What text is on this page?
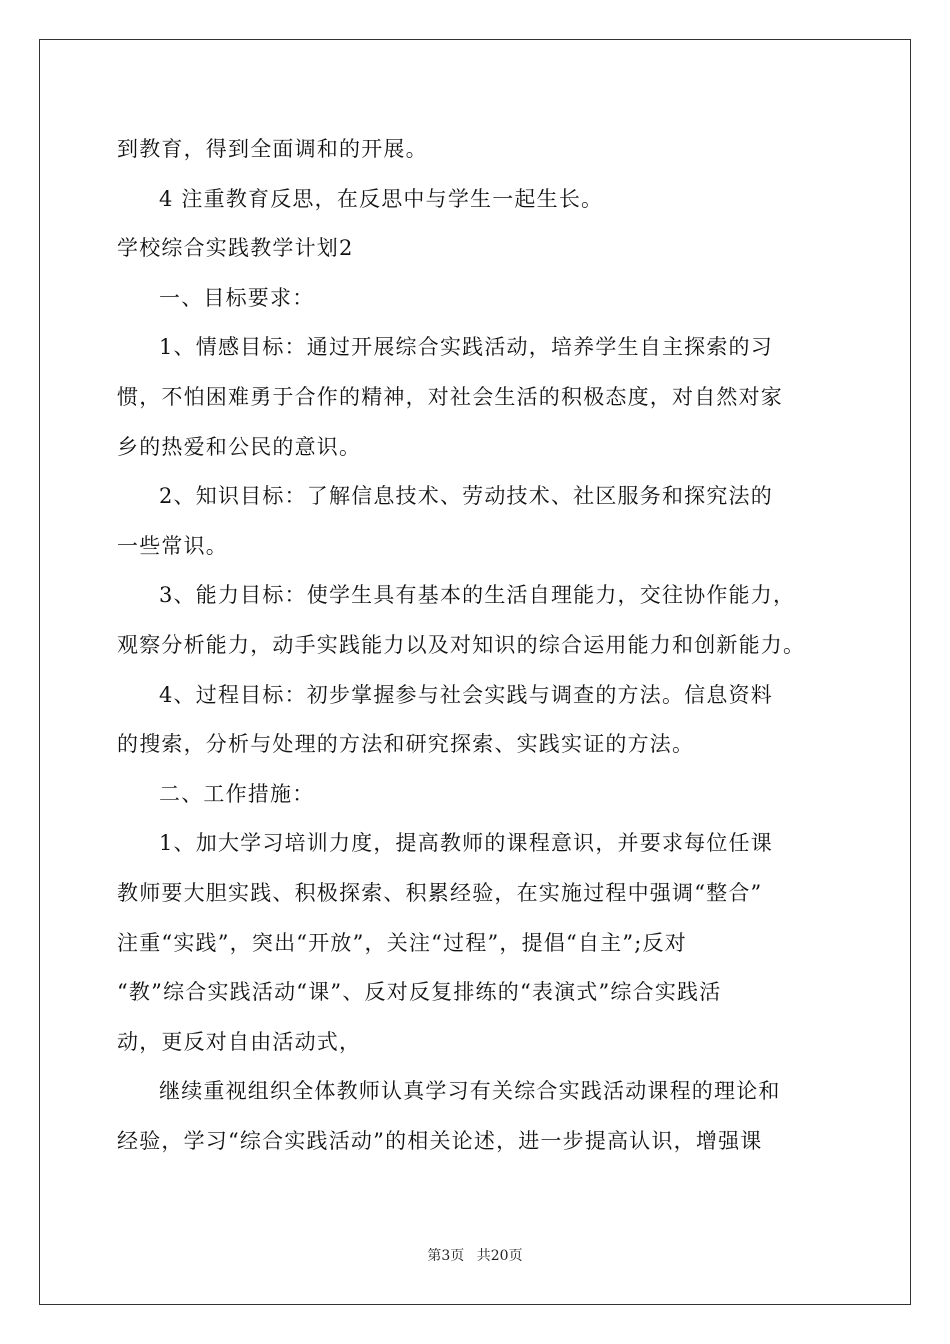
到教育，得到全面调和的开展。
4 注重教育反思，在反思中与学生一起生长。
学校综合实践教学计划2
一、目标要求：
1、情感目标：通过开展综合实践活动，培养学生自主探索的习
惯，不怕困难勇于合作的精神，对社会生活的积极态度，对自然对家
乡的热爱和公民的意识。
2、知识目标：了解信息技术、劳动技术、社区服务和探究法的
一些常识。
3、能力目标：使学生具有基本的生活自理能力，交往协作能力，
观察分析能力，动手实践能力以及对知识的综合运用能力和创新能力。
4、过程目标：初步掌握参与社会实践与调查的方法。信息资料
的搜索，分析与处理的方法和研究探索、实践实证的方法。
二、工作措施：
1、加大学习培训力度，提高教师的课程意识，并要求每位任课
教师要大胆实践、积极探索、积累经验，在实施过程中强调“整合”
注重“实践”，突出“开放”，关注“过程”，提倡“自主”;反对
“教”综合实践活动“课”、反对反复排练的“表演式”综合实践活
动，更反对自由活动式，
继续重视组织全体教师认真学习有关综合实践活动课程的理论和
经验，学习“综合实践活动”的相关论述，进一步提高认识，增强课
第3页 共20页
